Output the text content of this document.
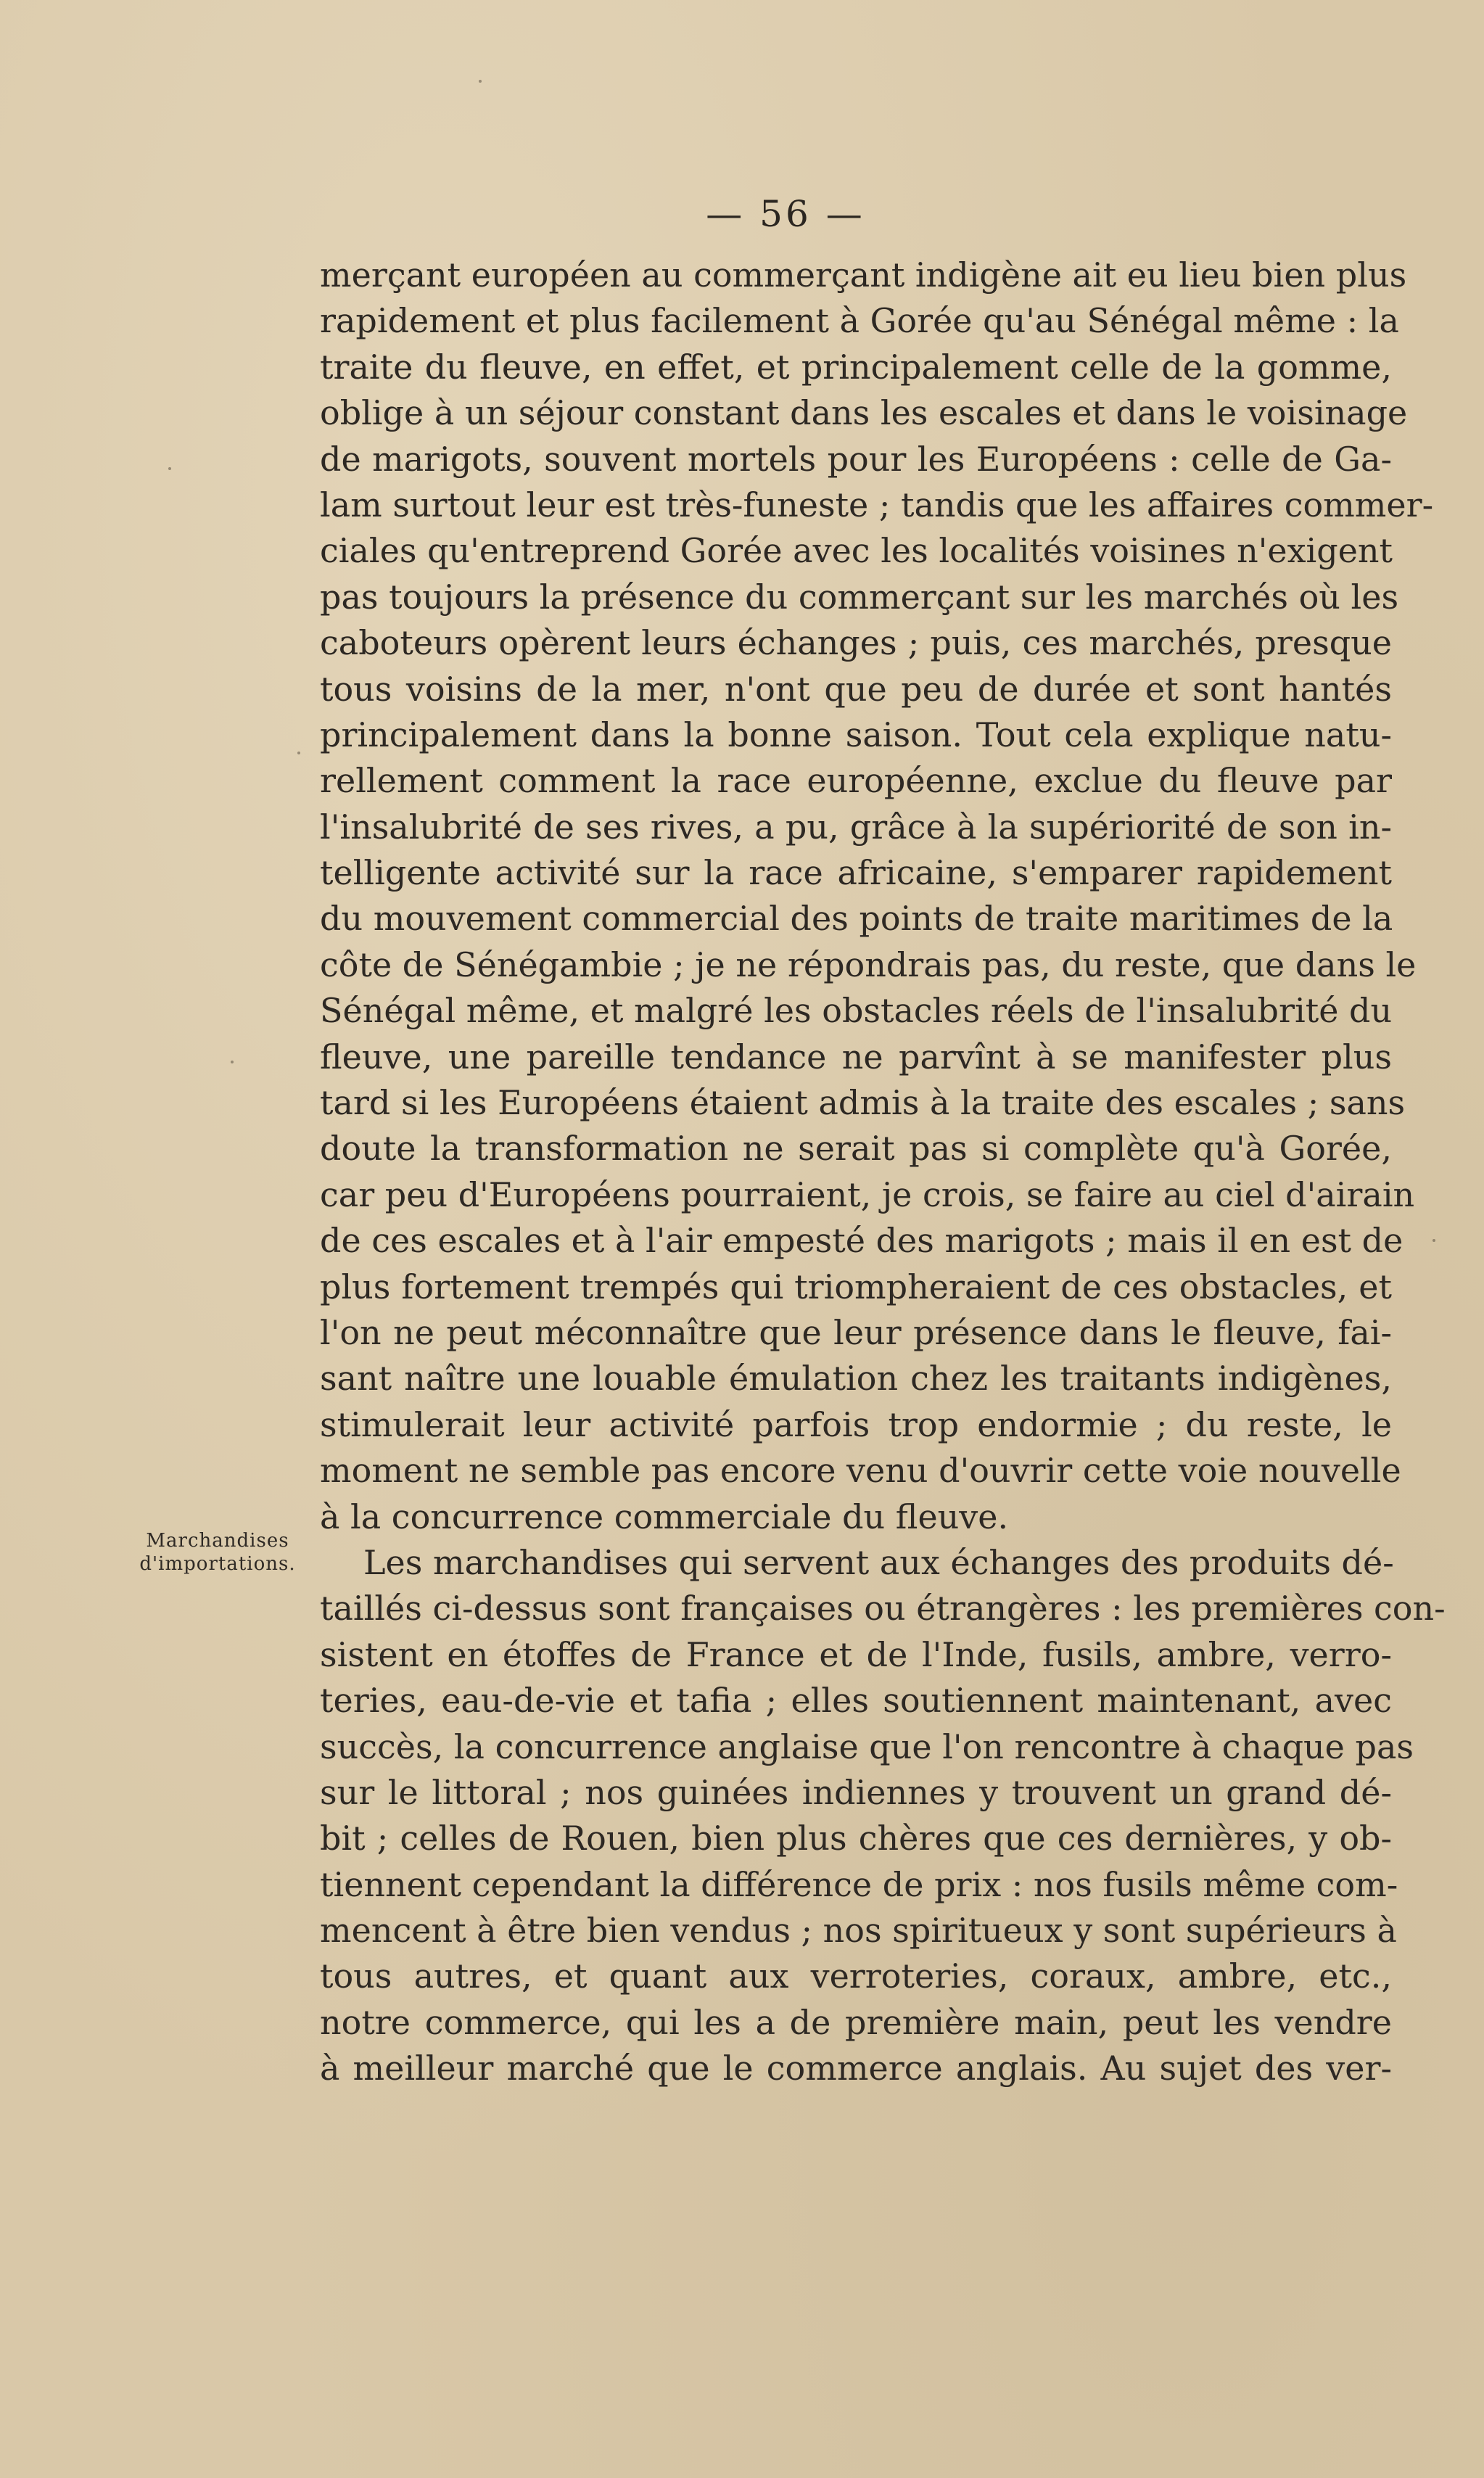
— 56 —
Marchandises
d'importations.
merçant européen au commerçant indigène ait eu lieu bien plus
rapidement et plus facilement à Gorée qu'au Sénégal même : la
traite du fleuve, en effet, et principalement celle de la gomme,
oblige à un séjour constant dans les escales et dans le voisinage
de marigots, souvent mortels pour les Européens : celle de Ga-
lam surtout leur est très-funeste ; tandis que les affaires commer-
ciales qu'entreprend Gorée avec les localités voisines n'exigent
pas toujours la présence du commerçant sur les marchés où les
caboteurs opèrent leurs échanges ; puis, ces marchés, presque
tous voisins de la mer, n'ont que peu de durée et sont hantés
principalement dans la bonne saison. Tout cela explique natu-
rellement comment la race européenne, exclue du fleuve par
l'insalubrité de ses rives, a pu, grâce à la supériorité de son in-
telligente activité sur la race africaine, s'emparer rapidement
du mouvement commercial des points de traite maritimes de la
côte de Sénégambie ; je ne répondrais pas, du reste, que dans le
Sénégal même, et malgré les obstacles réels de l'insalubrité du
fleuve, une pareille tendance ne parvînt à se manifester plus
tard si les Européens étaient admis à la traite des escales ; sans
doute la transformation ne serait pas si complète qu'à Gorée,
car peu d'Européens pourraient, je crois, se faire au ciel d'airain
de ces escales et à l'air empesté des marigots ; mais il en est de
plus fortement trempés qui triompheraient de ces obstacles, et
l'on ne peut méconnaître que leur présence dans le fleuve, fai-
sant naître une louable émulation chez les traitants indigènes,
stimulerait leur activité parfois trop endormie ; du reste, le
moment ne semble pas encore venu d'ouvrir cette voie nouvelle
à la concurrence commerciale du fleuve.
Les marchandises qui servent aux échanges des produits dé-
taillés ci-dessus sont françaises ou étrangères : les premières con-
sistent en étoffes de France et de l'Inde, fusils, ambre, verro-
teries, eau-de-vie et tafia ; elles soutiennent maintenant, avec
succès, la concurrence anglaise que l'on rencontre à chaque pas
sur le littoral ; nos guinées indiennes y trouvent un grand dé-
bit ; celles de Rouen, bien plus chères que ces dernières, y ob-
tiennent cependant la différence de prix : nos fusils même com-
mencent à être bien vendus ; nos spiritueux y sont supérieurs à
tous autres, et quant aux verroteries, coraux, ambre, etc.,
notre commerce, qui les a de première main, peut les vendre
à meilleur marché que le commerce anglais. Au sujet des ver-
